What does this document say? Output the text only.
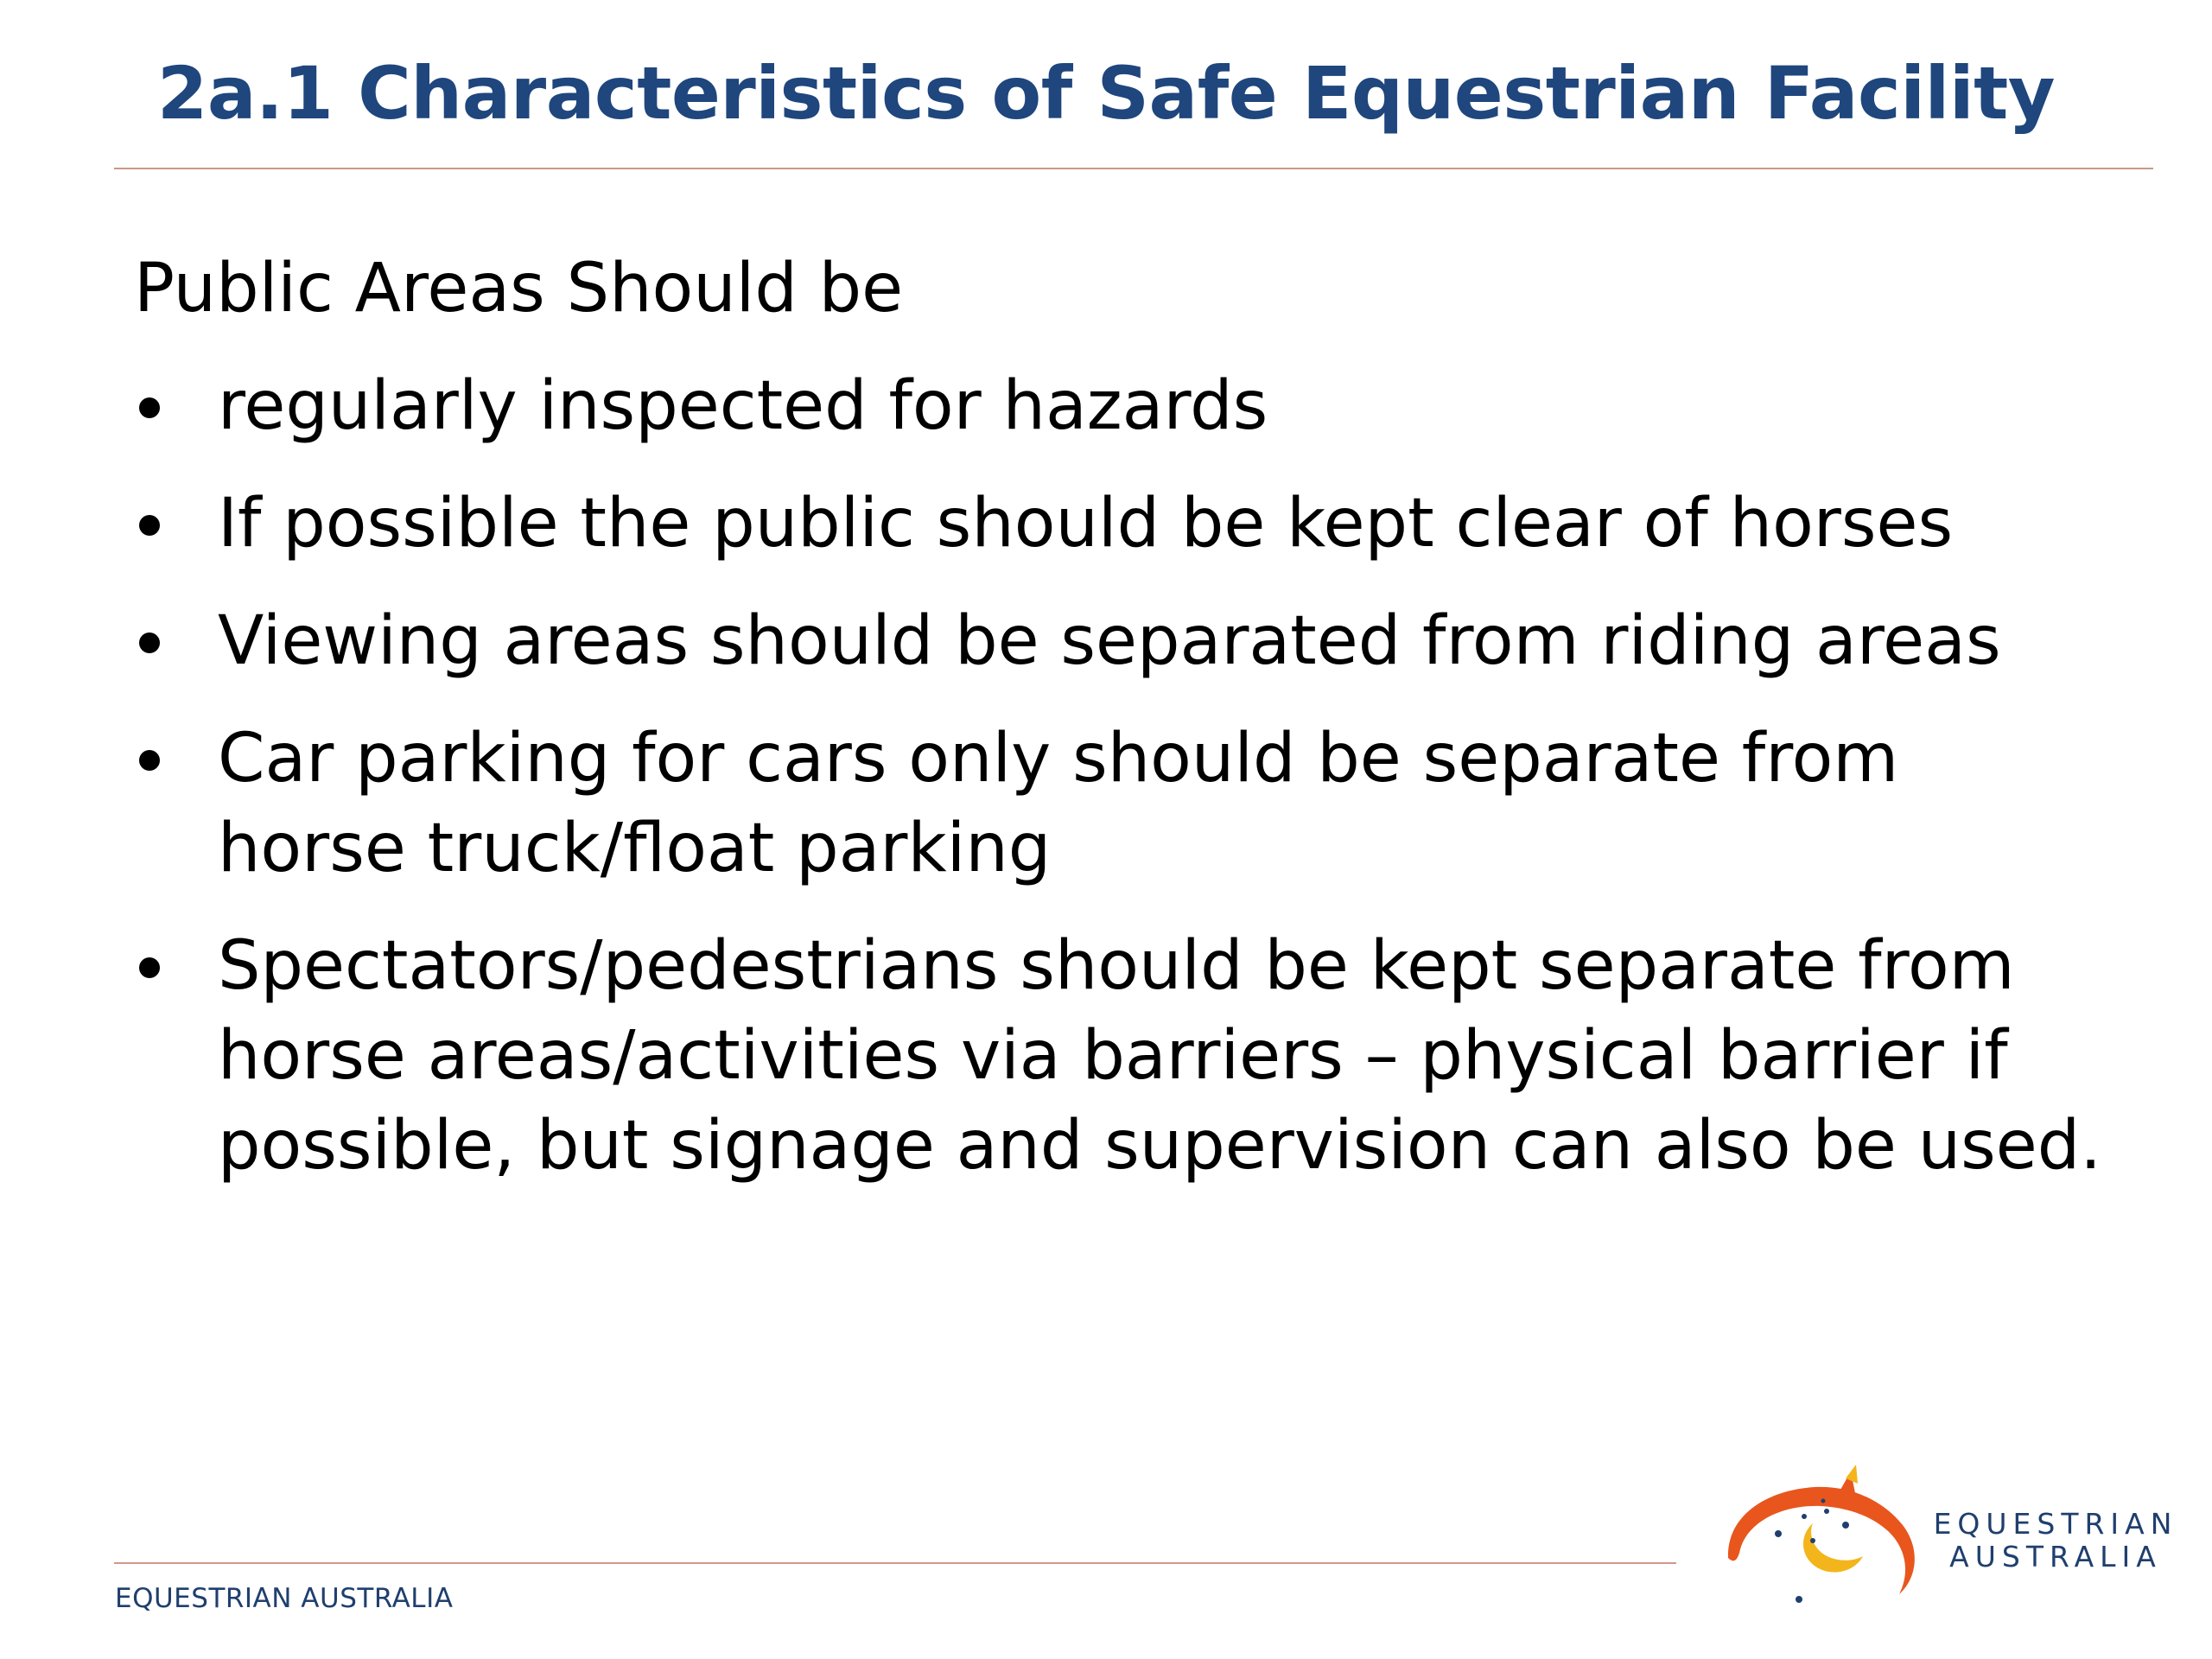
2a.1 Characteristics of Safe Equestrian Facility
Public Areas Should be
regularly inspected for hazards
If possible the public should be kept clear of horses
Viewing areas should be separated from riding areas
Car parking for cars only should be separate from horse truck/float parking
Spectators/pedestrians should be kept separate from horse areas/activities via barriers – physical barrier if possible, but signage and supervision can also be used.
EQUESTRIAN AUSTRALIA
EQUESTRIAN
AUSTRALIA
